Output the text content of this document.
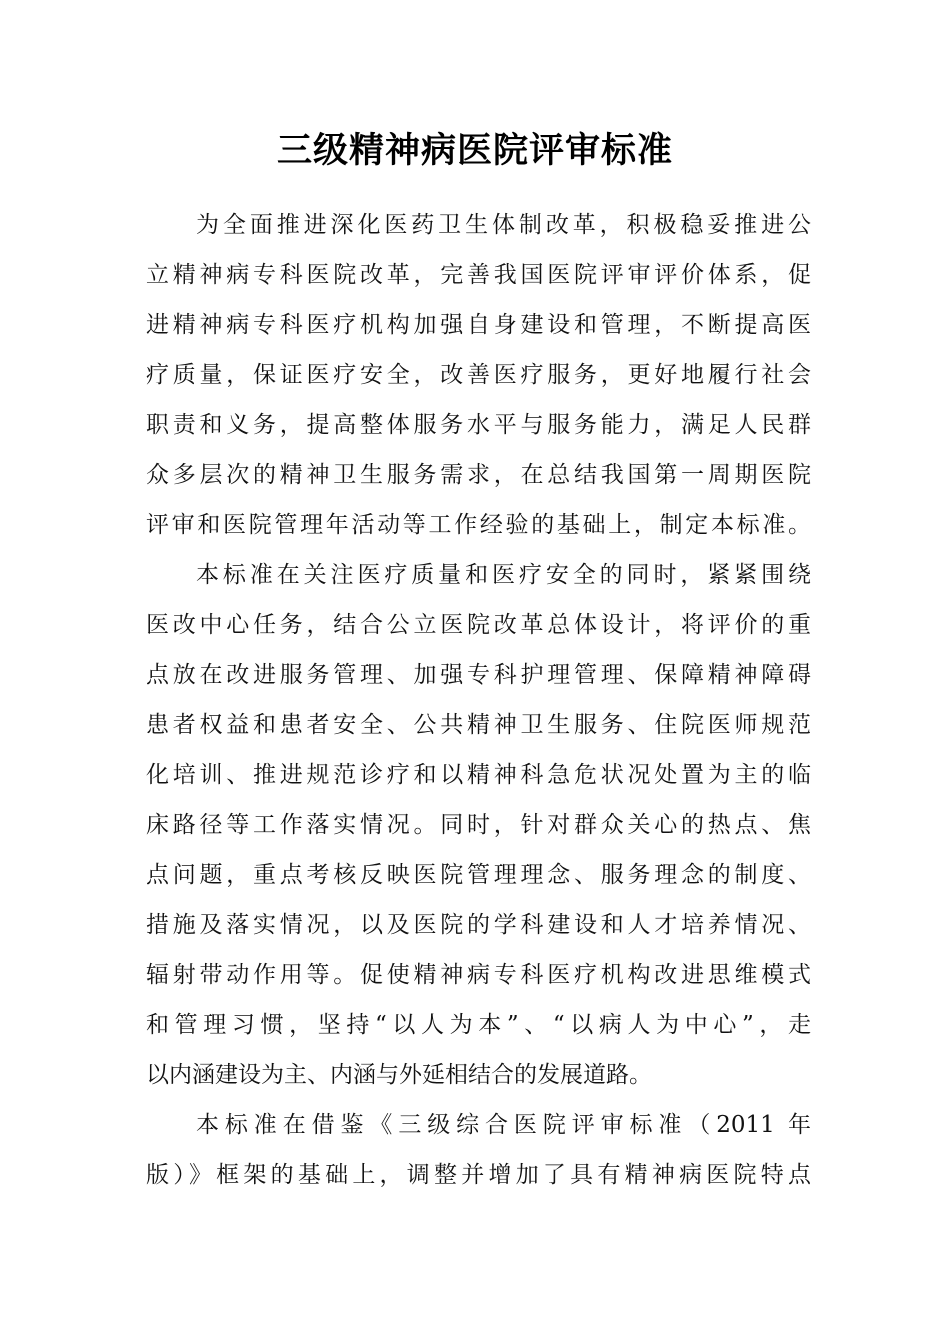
三级精神病医院评审标准
为全面推进深化医药卫生体制改革，积极稳妥推进公
立精神病专科医院改革，完善我国医院评审评价体系，促
进精神病专科医疗机构加强自身建设和管理，不断提高医
疗质量，保证医疗安全，改善医疗服务，更好地履行社会
职责和义务，提高整体服务水平与服务能力，满足人民群
众多层次的精神卫生服务需求，在总结我国第一周期医院
评审和医院管理年活动等工作经验的基础上，制定本标准。
本标准在关注医疗质量和医疗安全的同时，紧紧围绕
医改中心任务，结合公立医院改革总体设计，将评价的重
点放在改进服务管理、加强专科护理管理、保障精神障碍
患者权益和患者安全、公共精神卫生服务、住院医师规范
化培训、推进规范诊疗和以精神科急危状况处置为主的临
床路径等工作落实情况。同时，针对群众关心的热点、焦
点问题，重点考核反映医院管理理念、服务理念的制度、
措施及落实情况，以及医院的学科建设和人才培养情况、
辐射带动作用等。促使精神病专科医疗机构改进思维模式
和管理习惯，坚持“以人为本”、“以病人为中心”，走
以内涵建设为主、内涵与外延相结合的发展道路。
本标准在借鉴《三级综合医院评审标准（2011 年
版）》框架的基础上，调整并增加了具有精神病医院特点
